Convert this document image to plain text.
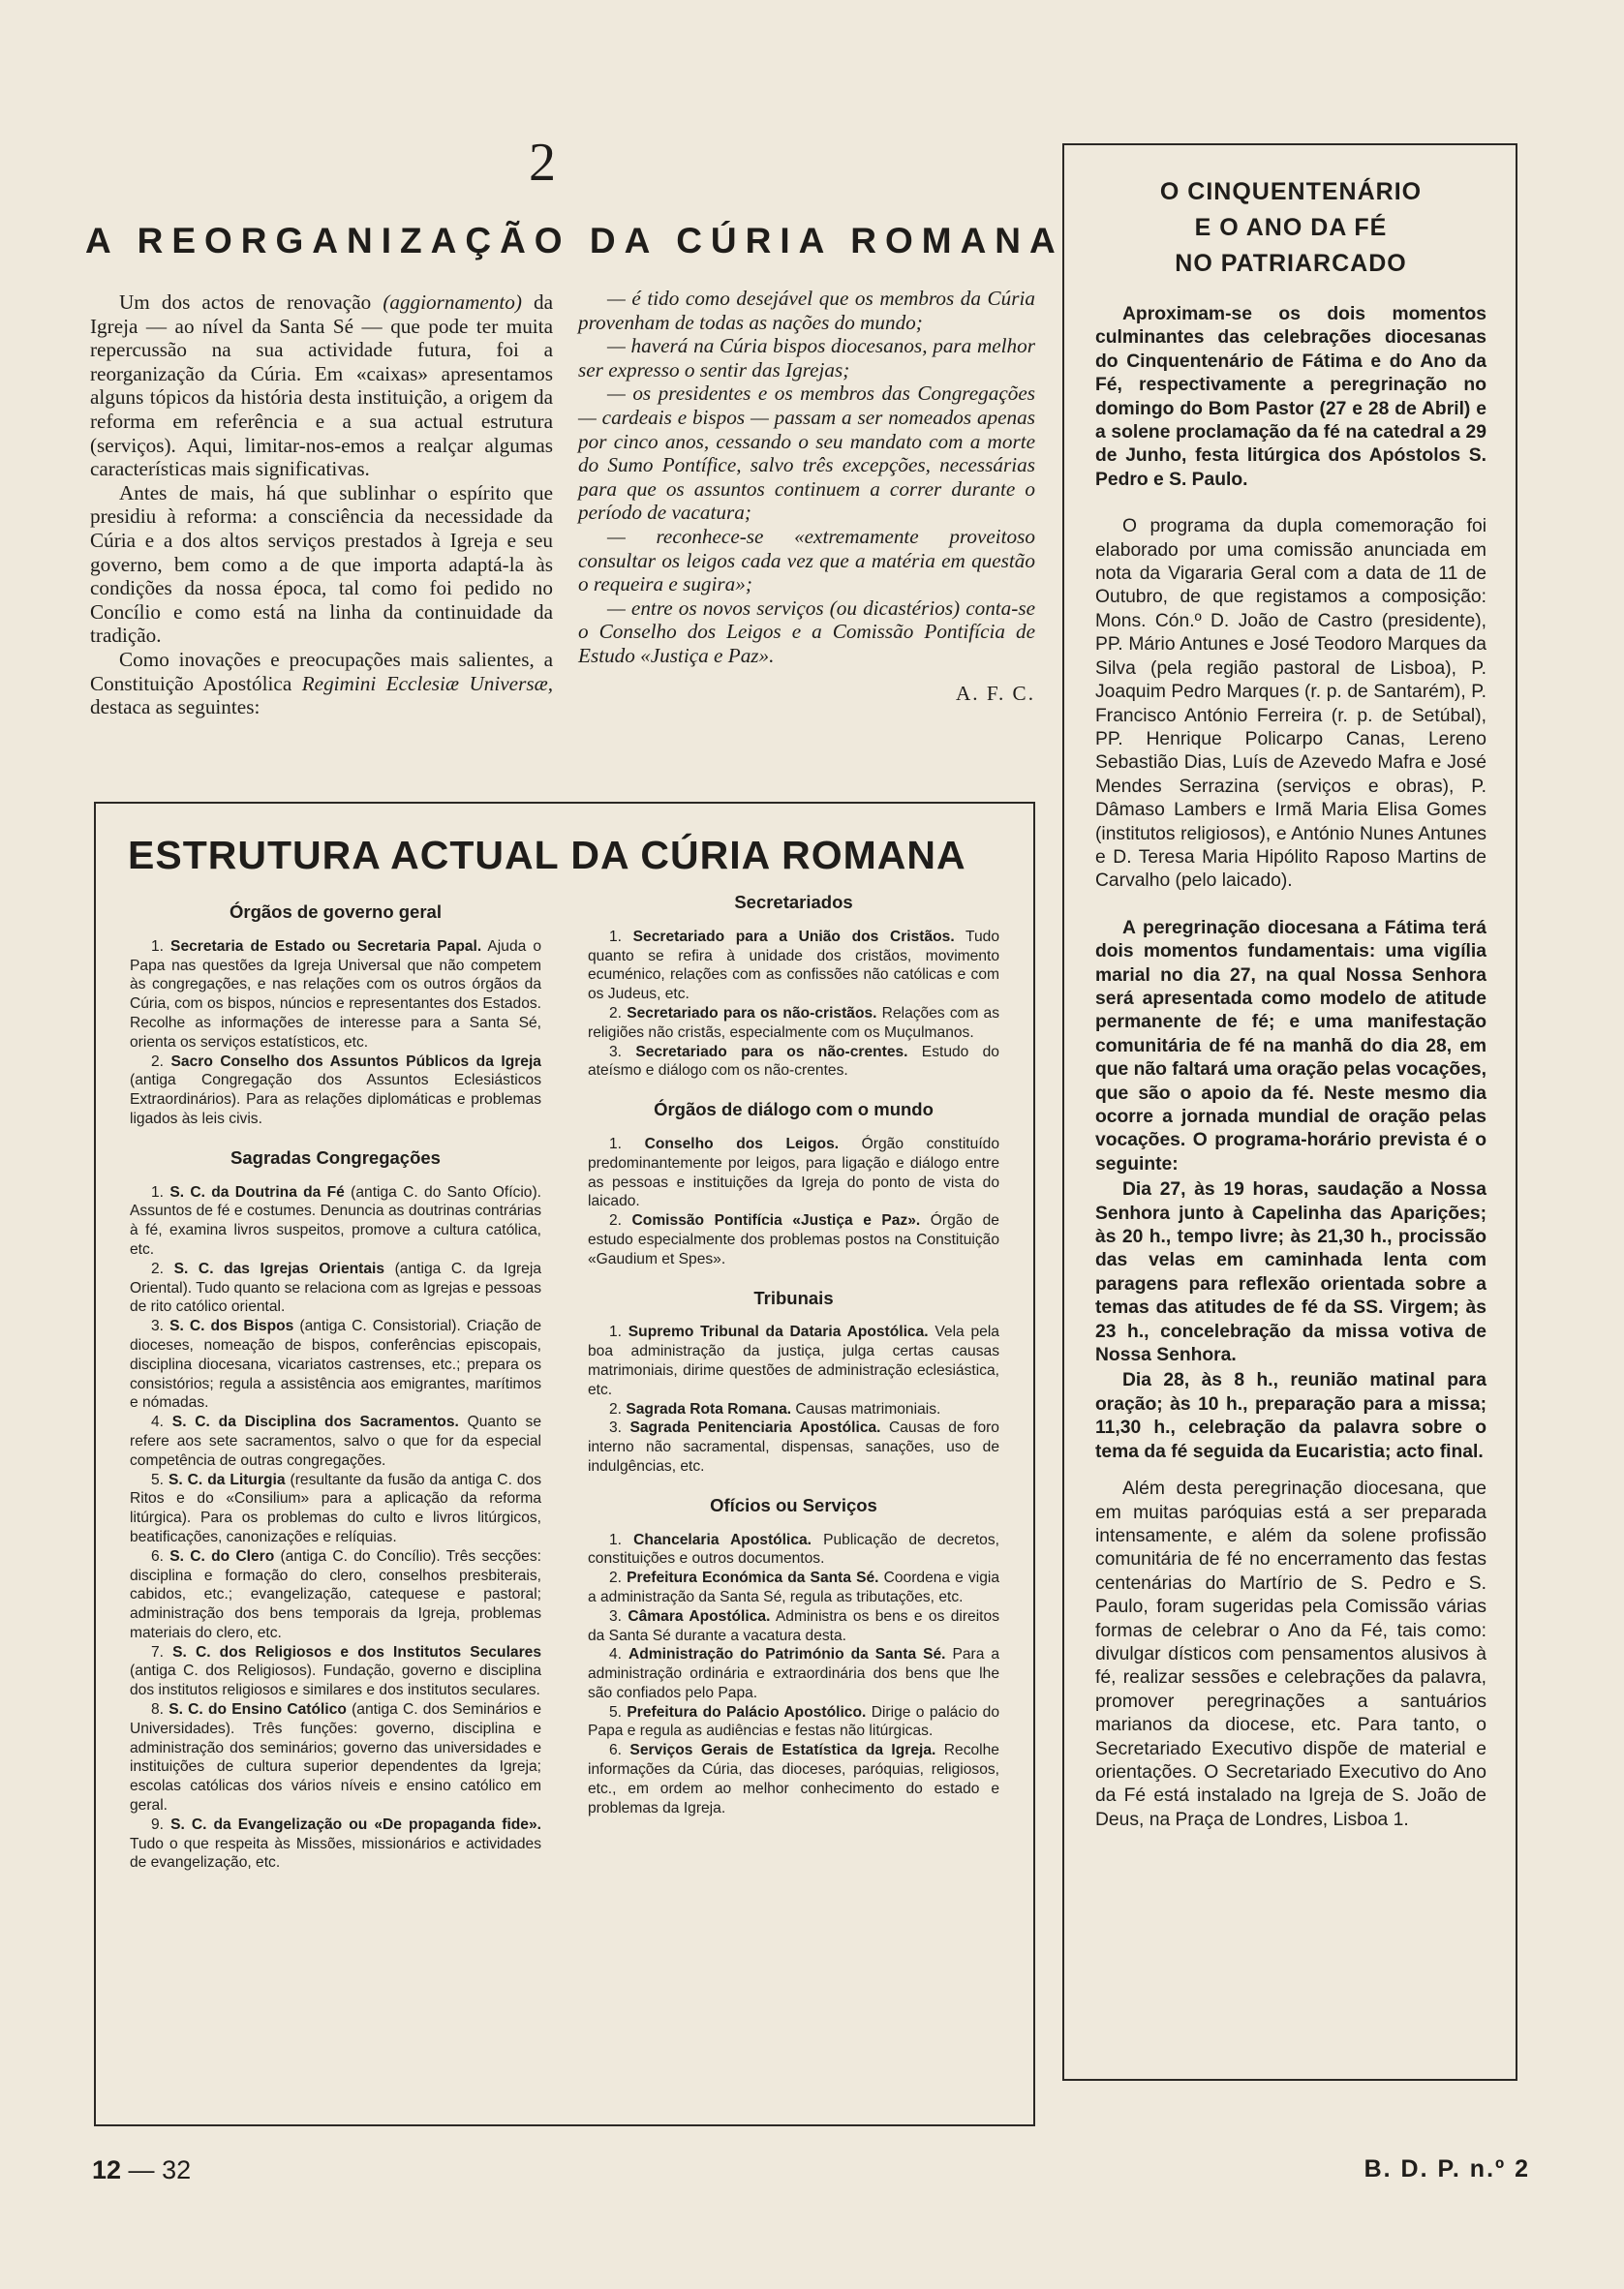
2
A REORGANIZAÇÃO DA CÚRIA ROMANA

Um dos actos de renovação (aggiornamento) da Igreja — ao nível da Santa Sé — que pode ter muita repercussão na sua actividade futura, foi a reorganização da Cúria. Em «caixas» apresentamos alguns tópicos da história desta instituição, a origem da reforma em referência e a sua actual estrutura (serviços). Aqui, limitar-nos-emos a realçar algumas características mais significativas.

Antes de mais, há que sublinhar o espírito que presidiu à reforma: a consciência da necessidade da Cúria e a dos altos serviços prestados à Igreja e seu governo, bem como a de que importa adaptá-la às condições da nossa época, tal como foi pedido no Concílio e como está na linha da continuidade da tradição.

Como inovações e preocupações mais salientes, a Constituição Apostólica Regimini Ecclesiæ Universæ, destaca as seguintes:

— é tido como desejável que os membros da Cúria provenham de todas as nações do mundo;

— haverá na Cúria bispos diocesanos, para melhor ser expresso o sentir das Igrejas;

— os presidentes e os membros das Congregações — cardeais e bispos — passam a ser nomeados apenas por cinco anos, cessando o seu mandato com a morte do Sumo Pontífice, salvo três excepções, necessárias para que os assuntos continuem a correr durante o período de vacatura;

— reconhece-se «extremamente proveitoso consultar os leigos cada vez que a matéria em questão o requeira e sugira»;

— entre os novos serviços (ou dicastérios) conta-se o Conselho dos Leigos e a Comissão Pontifícia de Estudo «Justiça e Paz».

A. F. C.
O CINQUENTENÁRIO
E O ANO DA FÉ
NO PATRIARCADO

Aproximam-se os dois momentos culminantes das celebrações diocesanas do Cinquentenário de Fátima e do Ano da Fé, respectivamente a peregrinação no domingo do Bom Pastor (27 e 28 de Abril) e a solene proclamação da fé na catedral a 29 de Junho, festa litúrgica dos Apóstolos S. Pedro e S. Paulo.

O programa da dupla comemoração foi elaborado por uma comissão anunciada em nota da Vigararia Geral com a data de 11 de Outubro, de que registamos a composição: Mons. Cón.º D. João de Castro (presidente), PP. Mário Antunes e José Teodoro Marques da Silva (pela região pastoral de Lisboa), P. Joaquim Pedro Marques (r. p. de Santarém), P. Francisco António Ferreira (r. p. de Setúbal), PP. Henrique Policarpo Canas, Lereno Sebastião Dias, Luís de Azevedo Mafra e José Mendes Serrazina (serviços e obras), P. Dâmaso Lambers e Irmã Maria Elisa Gomes (institutos religiosos), e António Nunes Antunes e D. Teresa Maria Hipólito Raposo Martins de Carvalho (pelo laicado).

A peregrinação diocesana a Fátima terá dois momentos fundamentais: uma vigília marial no dia 27, na qual Nossa Senhora será apresentada como modelo de atitude permanente de fé; e uma manifestação comunitária de fé na manhã do dia 28, em que não faltará uma oração pelas vocações, que são o apoio da fé. Neste mesmo dia ocorre a jornada mundial de oração pelas vocações. O programa-horário prevista é o seguinte:

Dia 27, às 19 horas, saudação a Nossa Senhora junto à Capelinha das Aparições; às 20 h., tempo livre; às 21,30 h., procissão das velas em caminhada lenta com paragens para reflexão orientada sobre a temas das atitudes de fé da SS. Virgem; às 23 h., concelebração da missa votiva de Nossa Senhora.

Dia 28, às 8 h., reunião matinal para oração; às 10 h., preparação para a missa; 11,30 h., celebração da palavra sobre o tema da fé seguida da Eucaristia; acto final.

Além desta peregrinação diocesana, que em muitas paróquias está a ser preparada intensamente, e além da solene profissão comunitária de fé no encerramento das festas centenárias do Martírio de S. Pedro e S. Paulo, foram sugeridas pela Comissão várias formas de celebrar o Ano da Fé, tais como: divulgar dísticos com pensamentos alusivos à fé, realizar sessões e celebrações da palavra, promover peregrinações a santuários marianos da diocese, etc. Para tanto, o Secretariado Executivo dispõe de material e orientações. O Secretariado Executivo do Ano da Fé está instalado na Igreja de S. João de Deus, na Praça de Londres, Lisboa 1.

ESTRUTURA ACTUAL DA CÚRIA ROMANA
Órgãos de governo geral

1. Secretaria de Estado ou Secretaria Papal. Ajuda o Papa nas questões da Igreja Universal que não competem às congregações, e nas relações com os outros órgãos da Cúria, com os bispos, núncios e representantes dos Estados. Recolhe as informações de interesse para a Santa Sé, orienta os serviços estatísticos, etc.

2. Sacro Conselho dos Assuntos Públicos da Igreja (antiga Congregação dos Assuntos Eclesiásticos Extraordinários). Para as relações diplomáticas e problemas ligados às leis civis.

Sagradas Congregações

1. S. C. da Doutrina da Fé (antiga C. do Santo Ofício). Assuntos de fé e costumes. Denuncia as doutrinas contrárias à fé, examina livros suspeitos, promove a cultura católica, etc.

2. S. C. das Igrejas Orientais (antiga C. da Igreja Oriental). Tudo quanto se relaciona com as Igrejas e pessoas de rito católico oriental.

3. S. C. dos Bispos (antiga C. Consistorial). Criação de dioceses, nomeação de bispos, conferências episcopais, disciplina diocesana, vicariatos castrenses, etc.; prepara os consistórios; regula a assistência aos emigrantes, marítimos e nómadas.

4. S. C. da Disciplina dos Sacramentos. Quanto se refere aos sete sacramentos, salvo o que for da especial competência de outras congregações.

5. S. C. da Liturgia (resultante da fusão da antiga C. dos Ritos e do «Consilium» para a aplicação da reforma litúrgica). Para os problemas do culto e livros litúrgicos, beatificações, canonizações e relíquias.

6. S. C. do Clero (antiga C. do Concílio). Três secções: disciplina e formação do clero, conselhos presbiterais, cabidos, etc.; evangelização, catequese e pastoral; administração dos bens temporais da Igreja, problemas materiais do clero, etc.

7. S. C. dos Religiosos e dos Institutos Seculares (antiga C. dos Religiosos). Fundação, governo e disciplina dos institutos religiosos e similares e dos institutos seculares.

8. S. C. do Ensino Católico (antiga C. dos Seminários e Universidades). Três funções: governo, disciplina e administração dos seminários; governo das universidades e instituições de cultura superior dependentes da Igreja; escolas católicas dos vários níveis e ensino católico em geral.

9. S. C. da Evangelização ou «De propaganda fide». Tudo o que respeita às Missões, missionários e actividades de evangelização, etc.

Secretariados

1. Secretariado para a União dos Cristãos. Tudo quanto se refira à unidade dos cristãos, movimento ecuménico, relações com as confissões não católicas e com os Judeus, etc.

2. Secretariado para os não-cristãos. Relações com as religiões não cristãs, especialmente com os Muçulmanos.

3. Secretariado para os não-crentes. Estudo do ateísmo e diálogo com os não-crentes.

Órgãos de diálogo com o mundo

1. Conselho dos Leigos. Órgão constituído predominantemente por leigos, para ligação e diálogo entre as pessoas e instituições da Igreja do ponto de vista do laicado.

2. Comissão Pontifícia «Justiça e Paz». Órgão de estudo especialmente dos problemas postos na Constituição «Gaudium et Spes».

Tribunais

1. Supremo Tribunal da Dataria Apostólica. Vela pela boa administração da justiça, julga certas causas matrimoniais, dirime questões de administração eclesiástica, etc.

2. Sagrada Rota Romana. Causas matrimoniais.

3. Sagrada Penitenciaria Apostólica. Causas de foro interno não sacramental, dispensas, sanações, uso de indulgências, etc.

Ofícios ou Serviços

1. Chancelaria Apostólica. Publicação de decretos, constituições e outros documentos.

2. Prefeitura Económica da Santa Sé. Coordena e vigia a administração da Santa Sé, regula as tributações, etc.

3. Câmara Apostólica. Administra os bens e os direitos da Santa Sé durante a vacatura desta.

4. Administração do Património da Santa Sé. Para a administração ordinária e extraordinária dos bens que lhe são confiados pelo Papa.

5. Prefeitura do Palácio Apostólico. Dirige o palácio do Papa e regula as audiências e festas não litúrgicas.

6. Serviços Gerais de Estatística da Igreja. Recolhe informações da Cúria, das dioceses, paróquias, religiosos, etc., em ordem ao melhor conhecimento do estado e problemas da Igreja.

12 — 32	B. D. P. n.º 2
